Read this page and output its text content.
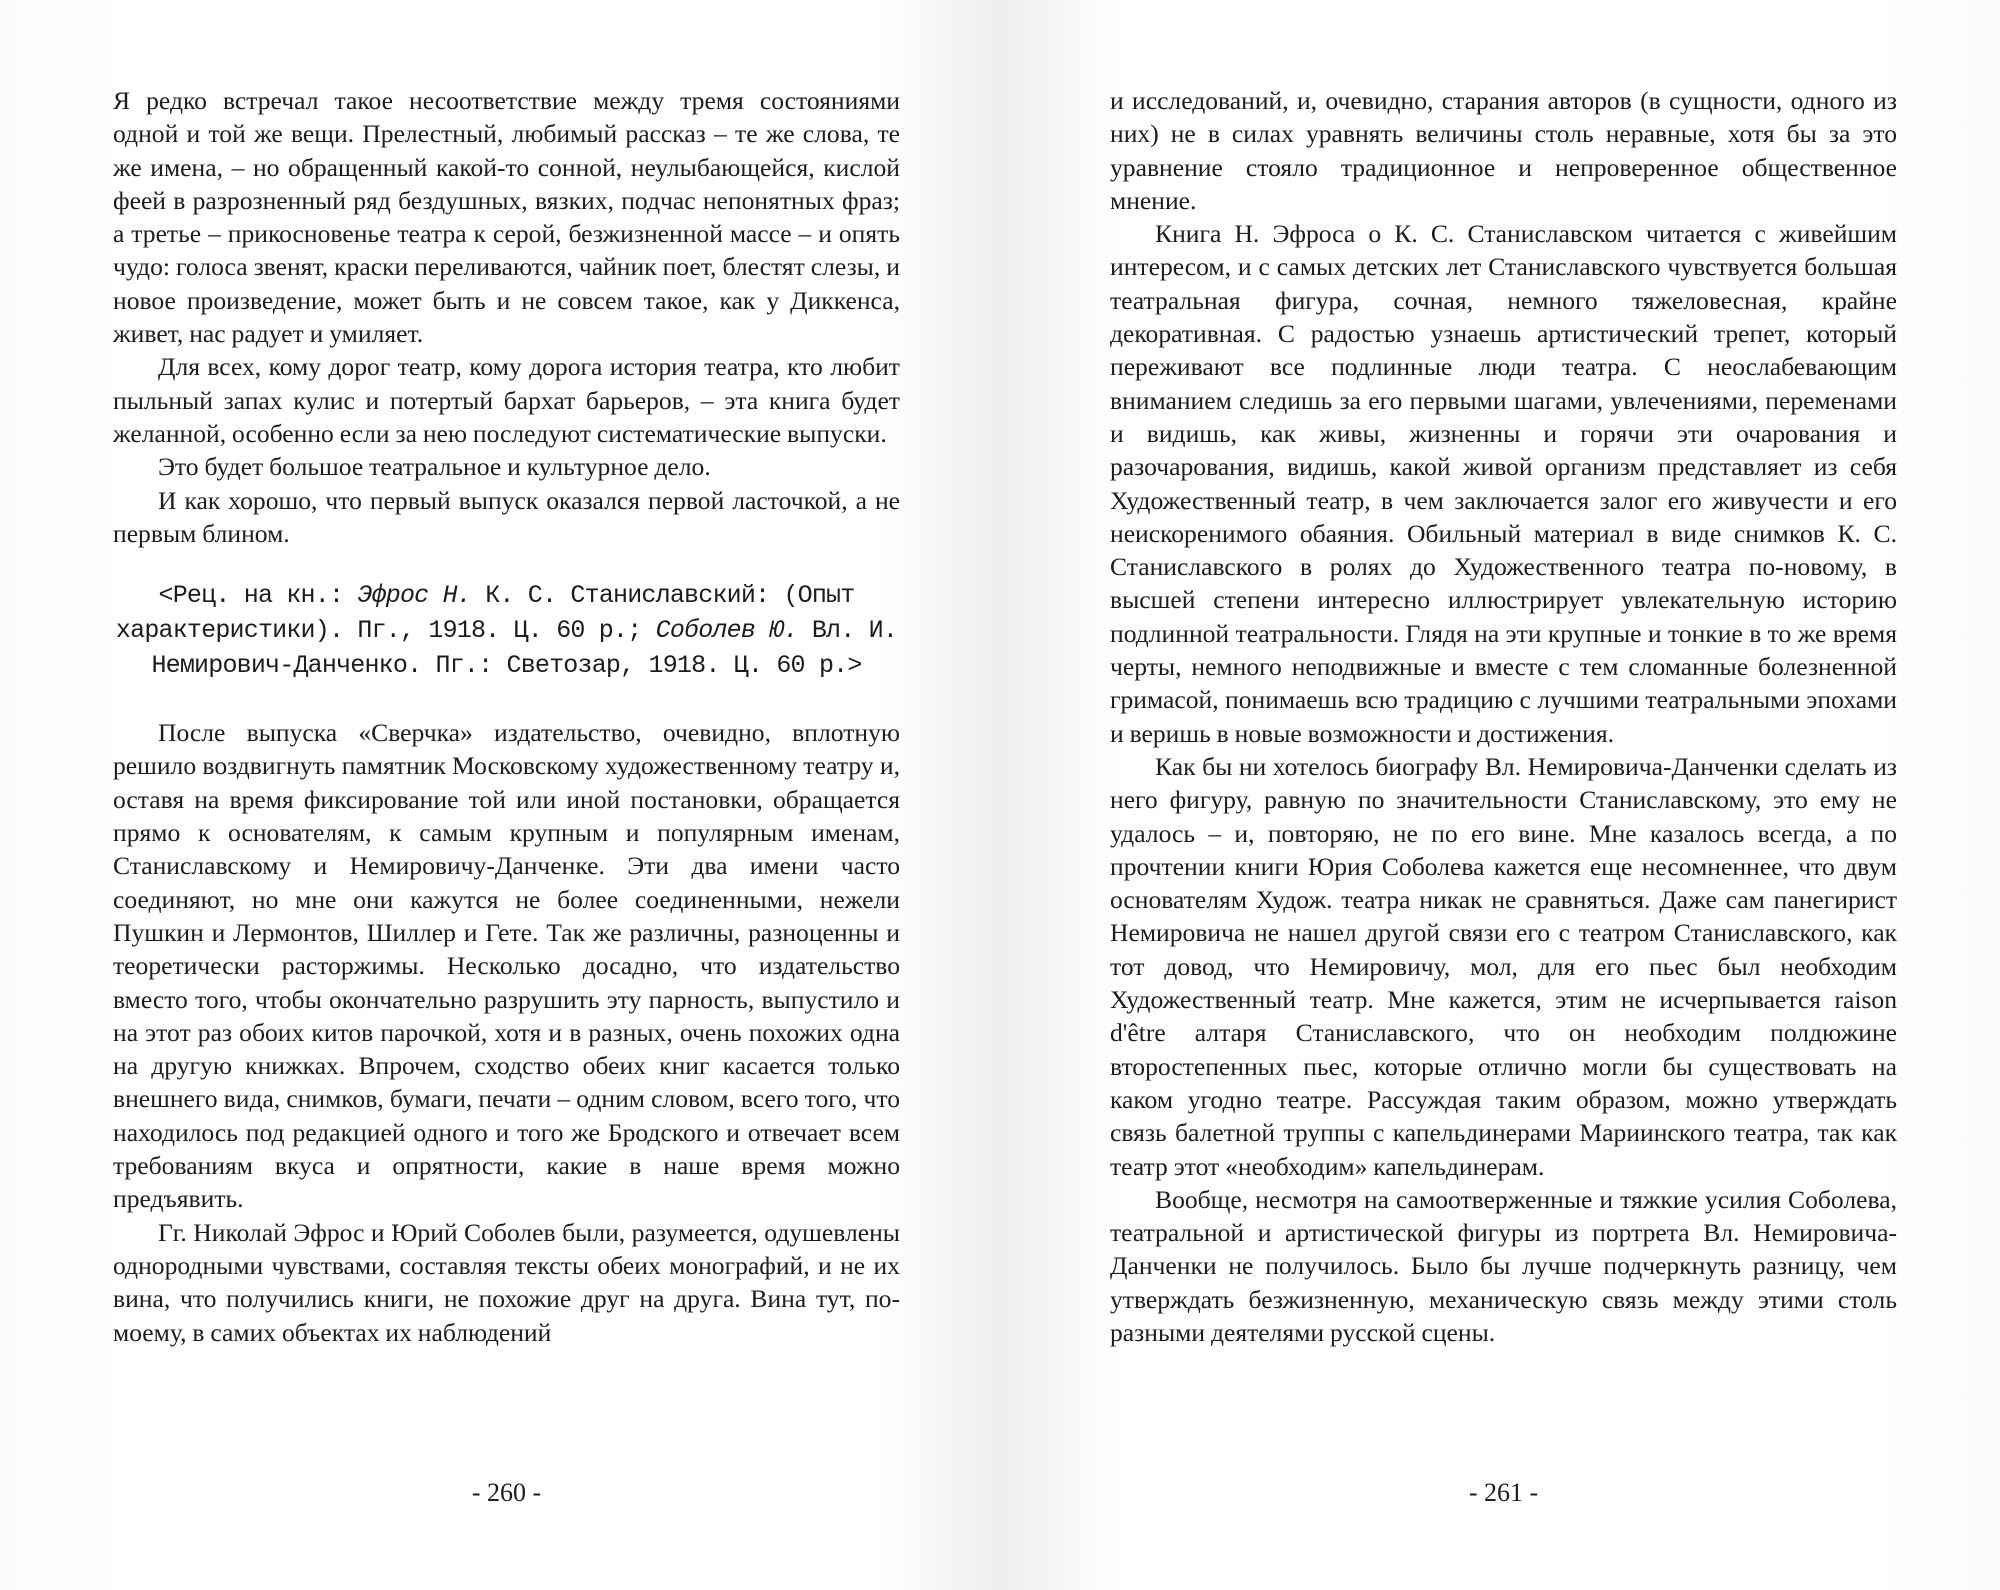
Я редко встречал такое несоответствие между тремя состояниями одной и той же вещи. Прелестный, любимый рассказ – те же слова, те же имена, – но обращенный какой-то сонной, неулыбающейся, кислой феей в разрозненный ряд бездушных, вязких, подчас непонятных фраз; а третье – прикосновенье театра к серой, безжизненной массе – и опять чудо: голоса звенят, краски переливаются, чайник поет, блестят слезы, и новое произведение, может быть и не совсем такое, как у Диккенса, живет, нас радует и умиляет.

Для всех, кому дорог театр, кому дорога история театра, кто любит пыльный запах кулис и потертый бархат барьеров, – эта книга будет желанной, особенно если за нею последуют систематические выпуски.

Это будет большое театральное и культурное дело.

И как хорошо, что первый выпуск оказался первой ласточкой, а не первым блином.

<Рец. на кн.: Эфрос Н. К. С. Станиславский: (Опыт характеристики). Пг., 1918. Ц. 60 р.; Соболев Ю. Вл. И. Немирович-Данченко. Пг.: Светозар, 1918. Ц. 60 р.>

После выпуска «Сверчка» издательство, очевидно, вплотную решило воздвигнуть памятник Московскому художественному театру и, оставя на время фиксирование той или иной постановки, обращается прямо к основателям, к самым крупным и популярным именам, Станиславскому и Немировичу-Данченке. Эти два имени часто соединяют, но мне они кажутся не более соединенными, нежели Пушкин и Лермонтов, Шиллер и Гете. Так же различны, разноценны и теоретически расторжимы. Несколько досадно, что издательство вместо того, чтобы окончательно разрушить эту парность, выпустило и на этот раз обоих китов парочкой, хотя и в разных, очень похожих одна на другую книжках. Впрочем, сходство обеих книг касается только внешнего вида, снимков, бумаги, печати – одним словом, всего того, что находилось под редакцией одного и того же Бродского и отвечает всем требованиям вкуса и опрятности, какие в наше время можно предъявить.

Гг. Николай Эфрос и Юрий Соболев были, разумеется, одушевлены однородными чувствами, составляя тексты обеих монографий, и не их вина, что получились книги, не похожие друг на друга. Вина тут, по-моему, в самих объектах их наблюдений

и исследований, и, очевидно, старания авторов (в сущности, одного из них) не в силах уравнять величины столь неравные, хотя бы за это уравнение стояло традиционное и непроверенное общественное мнение.

Книга Н. Эфроса о К. С. Станиславском читается с живейшим интересом, и с самых детских лет Станиславского чувствуется большая театральная фигура, сочная, немного тяжеловесная, крайне декоративная. С радостью узнаешь артистический трепет, который переживают все подлинные люди театра. С неослабевающим вниманием следишь за его первыми шагами, увлечениями, переменами и видишь, как живы, жизненны и горячи эти очарования и разочарования, видишь, какой живой организм представляет из себя Художественный театр, в чем заключается залог его живучести и его неискоренимого обаяния. Обильный материал в виде снимков К. С. Станиславского в ролях до Художественного театра по-новому, в высшей степени интересно иллюстрирует увлекательную историю подлинной театральности. Глядя на эти крупные и тонкие в то же время черты, немного неподвижные и вместе с тем сломанные болезненной гримасой, понимаешь всю традицию с лучшими театральными эпохами и веришь в новые возможности и достижения.

Как бы ни хотелось биографу Вл. Немировича-Данченки сделать из него фигуру, равную по значительности Станиславскому, это ему не удалось – и, повторяю, не по его вине. Мне казалось всегда, а по прочтении книги Юрия Соболева кажется еще несомненнее, что двум основателям Худож. театра никак не сравняться. Даже сам панегирист Немировича не нашел другой связи его с театром Станиславского, как тот довод, что Немировичу, мол, для его пьес был необходим Художественный театр. Мне кажется, этим не исчерпывается raison d'être алтаря Станиславского, что он необходим полдюжине второстепенных пьес, которые отлично могли бы существовать на каком угодно театре. Рассуждая таким образом, можно утверждать связь балетной труппы с капельдинерами Мариинского театра, так как театр этот «необходим» капельдинерам.

Вообще, несмотря на самоотверженные и тяжкие усилия Соболева, театральной и артистической фигуры из портрета Вл. Немировича-Данченки не получилось. Было бы лучше подчеркнуть разницу, чем утверждать безжизненную, механическую связь между этими столь разными деятелями русской сцены.

- 260 -	- 261 -
